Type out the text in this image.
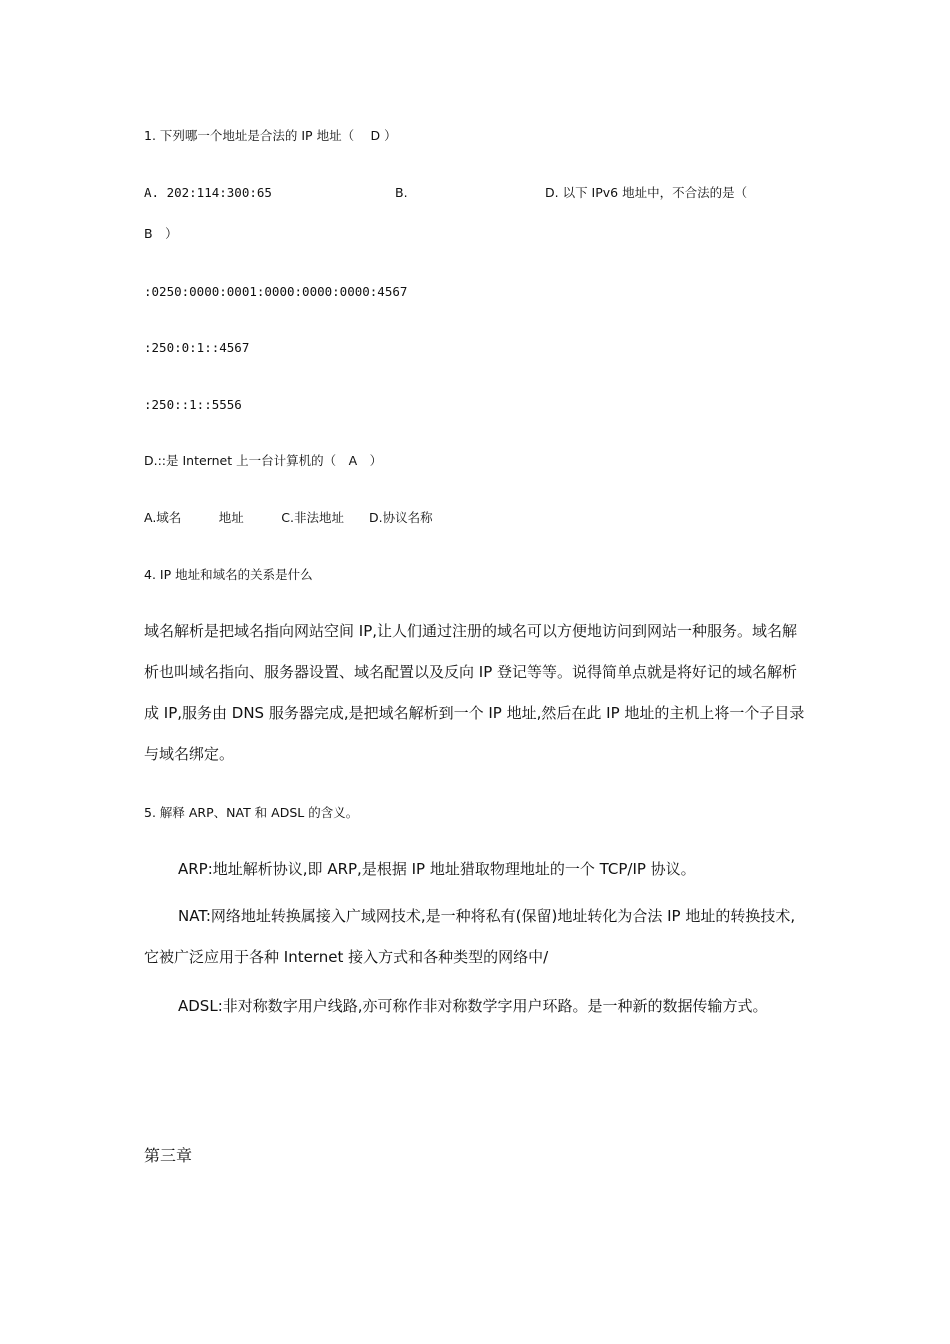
1. 下列哪一个地址是合法的 IP 地址（　 D ）
A. 202:114:300:65	B.	D. 以下 IPv6 地址中，不合法的是（
B　）
:0250:0000:0001:0000:0000:0000:4567
:250:0:1::4567
:250::1::5556
D.::是 Internet 上一台计算机的（　A　）
A.域名　　　地址　　　C.非法地址　　D.协议名称
4. IP 地址和域名的关系是什么
域名解析是把域名指向网站空间 IP,让人们通过注册的域名可以方便地访问到网站一种服务。域名解析也叫域名指向、服务器设置、域名配置以及反向 IP 登记等等。说得简单点就是将好记的域名解析成 IP,服务由 DNS 服务器完成,是把域名解析到一个 IP 地址,然后在此 IP 地址的主机上将一个子目录与域名绑定。
5. 解释 ARP、NAT 和 ADSL 的含义。
ARP:地址解析协议,即 ARP,是根据 IP 地址猎取物理地址的一个 TCP/IP 协议。
NAT:网络地址转换属接入广域网技术,是一种将私有(保留)地址转化为合法 IP 地址的转换技术,它被广泛应用于各种 Internet 接入方式和各种类型的网络中/
ADSL:非对称数字用户线路,亦可称作非对称数学字用户环路。是一种新的数据传输方式。
第三章
